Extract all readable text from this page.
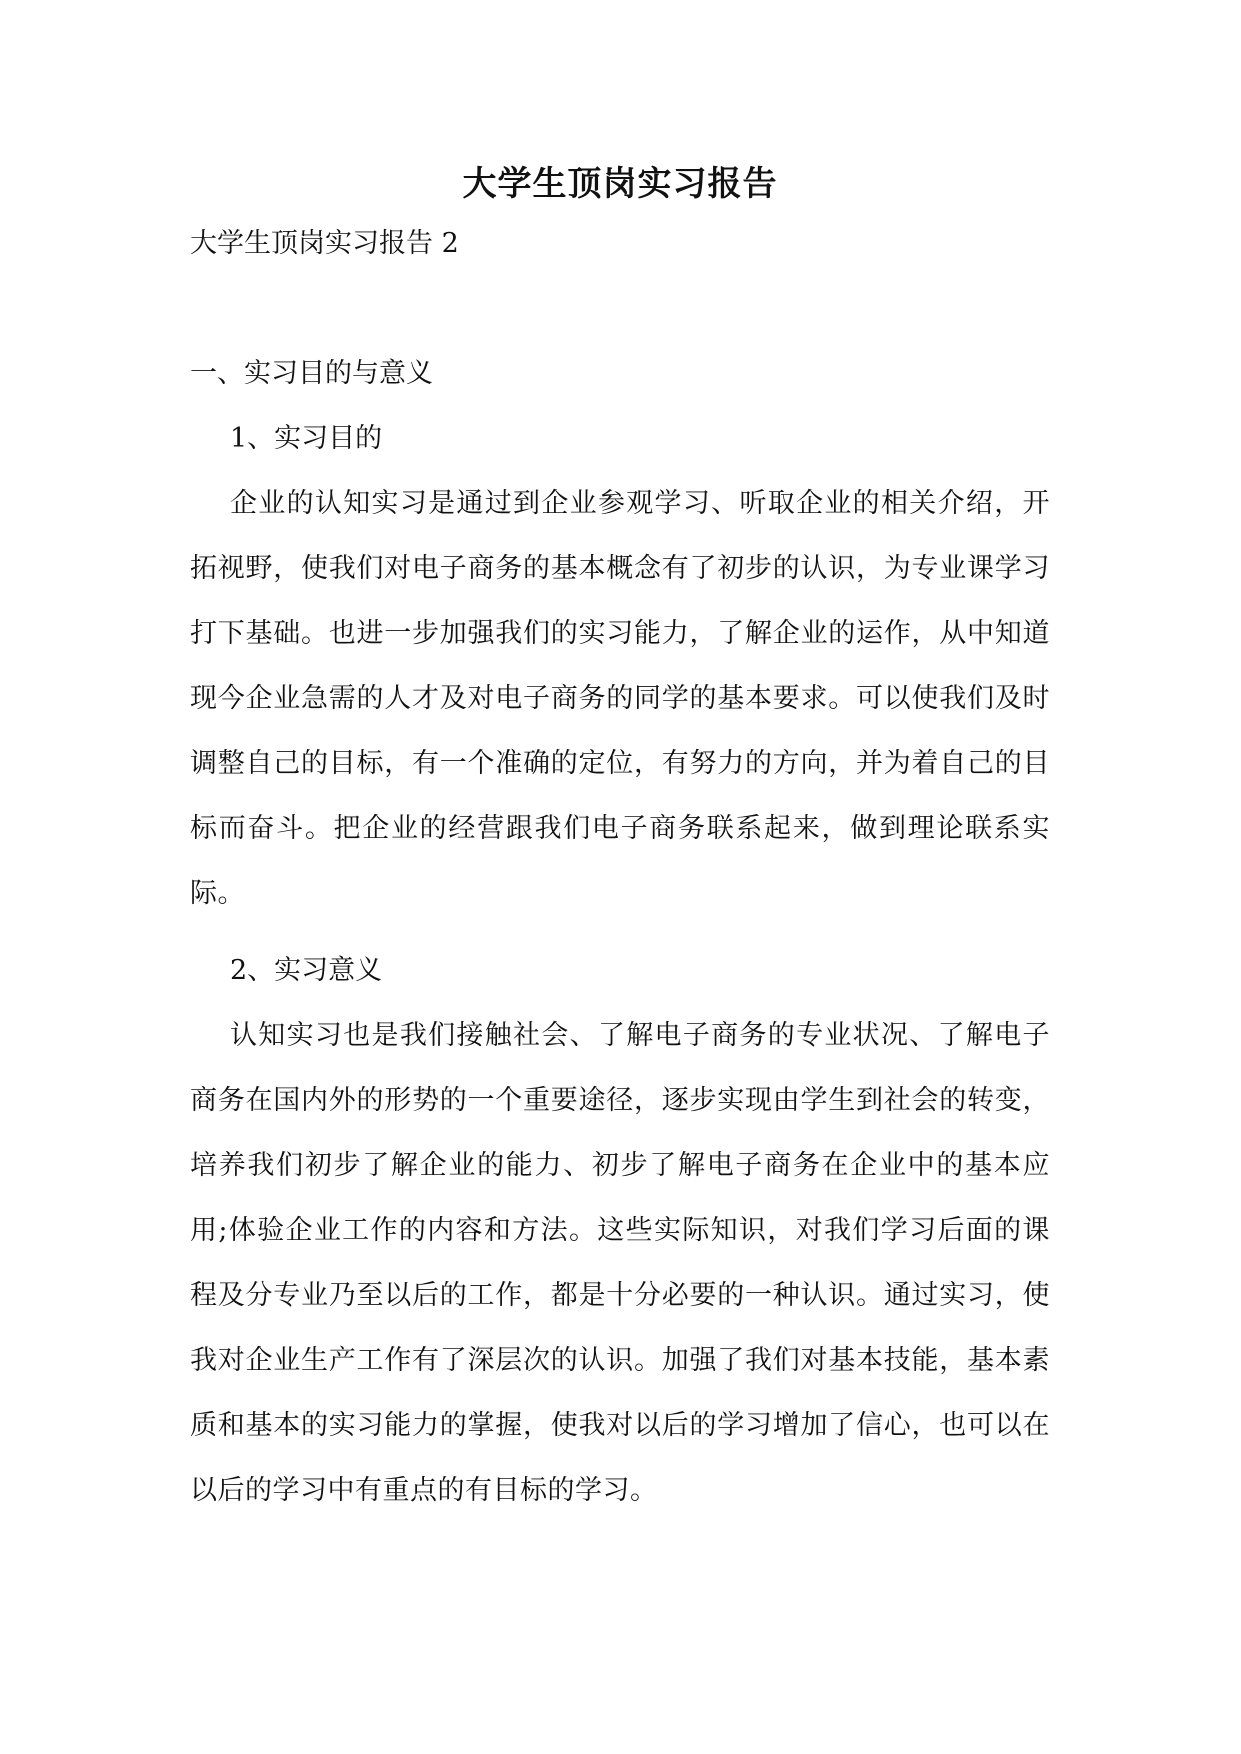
大学生顶岗实习报告
大学生顶岗实习报告 2
一、实习目的与意义
1、实习目的

企业的认知实习是通过到企业参观学习、听取企业的相关介绍，开拓视野，使我们对电子商务的基本概念有了初步的认识，为专业课学习打下基础。也进一步加强我们的实习能力，了解企业的运作，从中知道现今企业急需的人才及对电子商务的同学的基本要求。可以使我们及时调整自己的目标，有一个准确的定位，有努力的方向，并为着自己的目标而奋斗。把企业的经营跟我们电子商务联系起来，做到理论联系实际。

2、实习意义

认知实习也是我们接触社会、了解电子商务的专业状况、了解电子商务在国内外的形势的一个重要途径，逐步实现由学生到社会的转变，培养我们初步了解企业的能力、初步了解电子商务在企业中的基本应用;体验企业工作的内容和方法。这些实际知识，对我们学习后面的课程及分专业乃至以后的工作，都是十分必要的一种认识。通过实习，使我对企业生产工作有了深层次的认识。加强了我们对基本技能，基本素质和基本的实习能力的掌握，使我对以后的学习增加了信心，也可以在以后的学习中有重点的有目标的学习。
